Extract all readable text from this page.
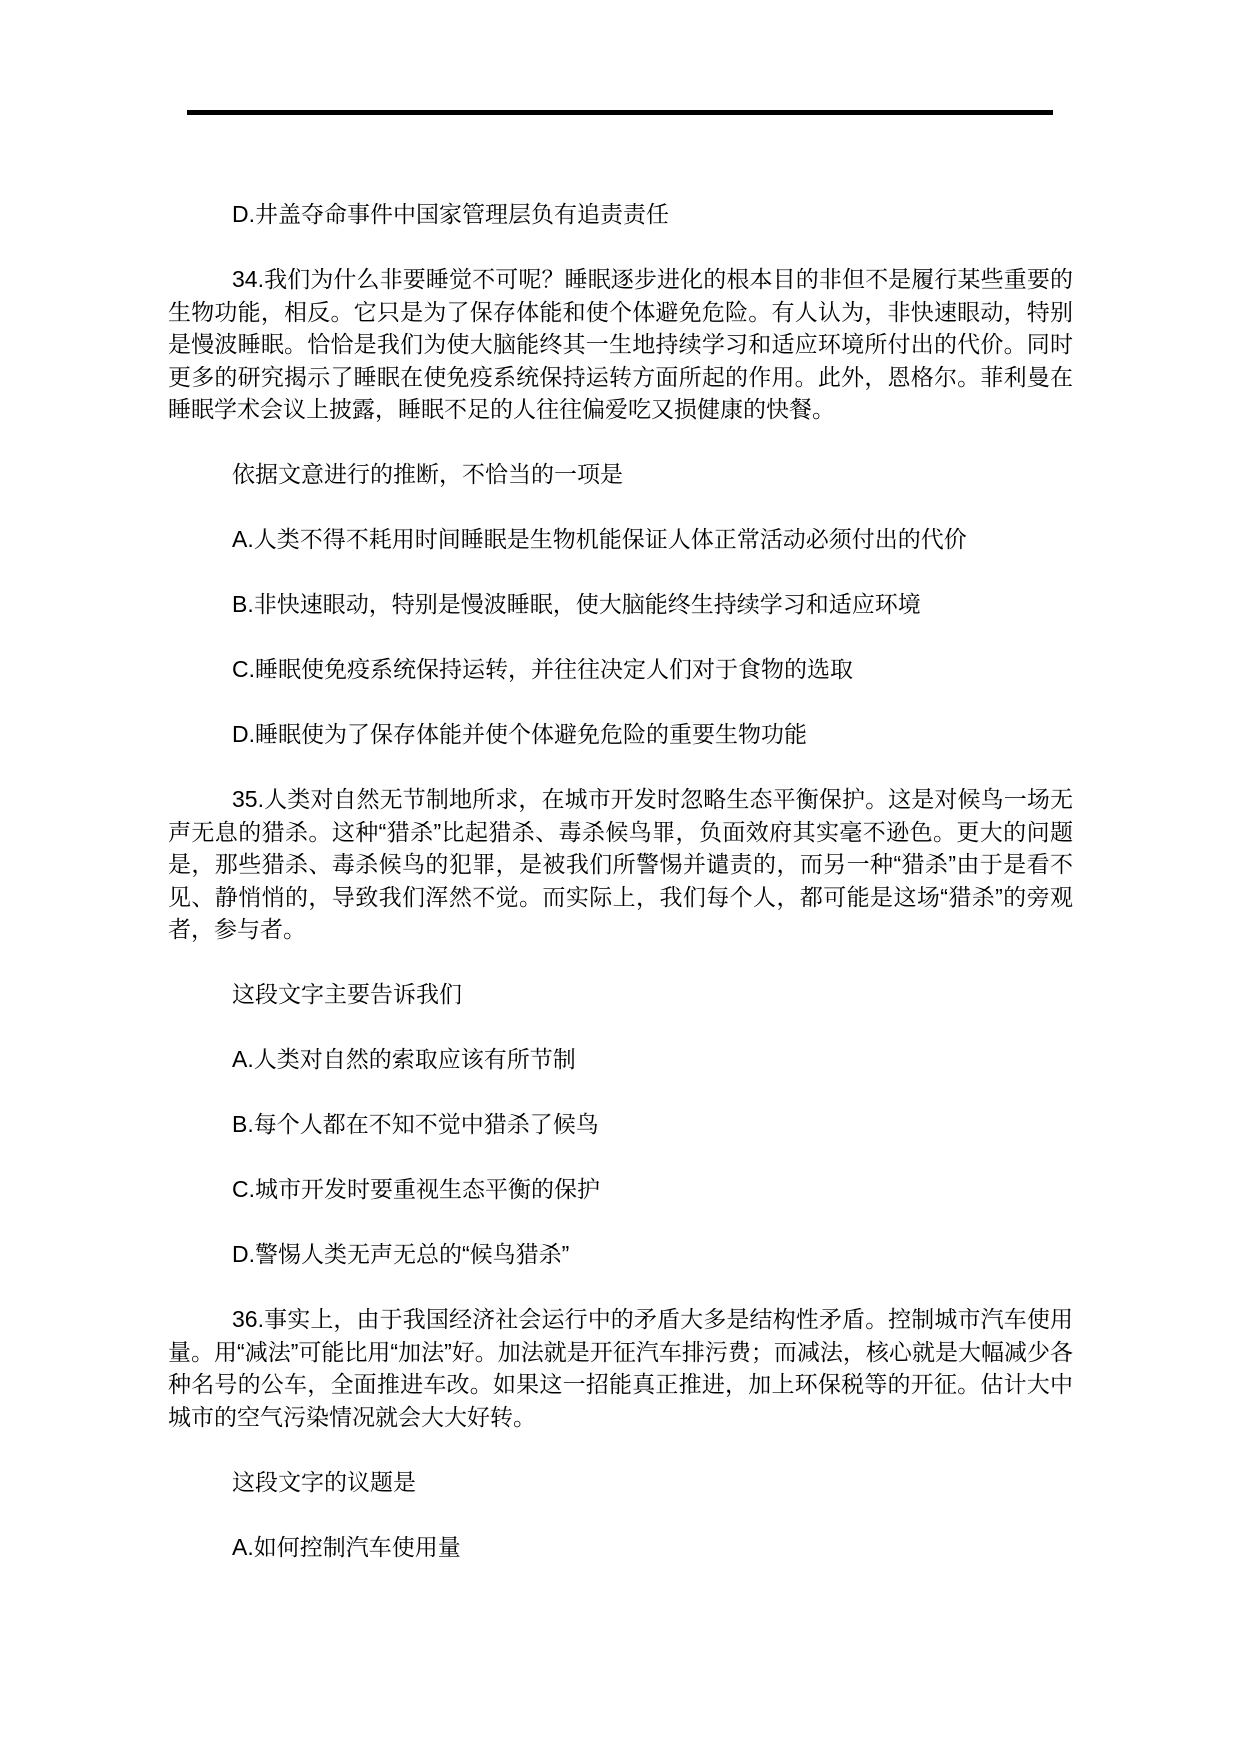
D.井盖夺命事件中国家管理层负有追责责任

34.我们为什么非要睡觉不可呢？睡眠逐步进化的根本目的非但不是履行某些重要的生物功能，相反。它只是为了保存体能和使个体避免危险。有人认为，非快速眼动，特别是慢波睡眠。恰恰是我们为使大脑能终其一生地持续学习和适应环境所付出的代价。同时更多的研究揭示了睡眠在使免疫系统保持运转方面所起的作用。此外，恩格尔。菲利曼在睡眠学术会议上披露，睡眠不足的人往往偏爱吃又损健康的快餐。

依据文意进行的推断，不恰当的一项是

A.人类不得不耗用时间睡眠是生物机能保证人体正常活动必须付出的代价

B.非快速眼动，特别是慢波睡眠，使大脑能终生持续学习和适应环境

C.睡眠使免疫系统保持运转，并往往决定人们对于食物的选取

D.睡眠使为了保存体能并使个体避免危险的重要生物功能

35.人类对自然无节制地所求，在城市开发时忽略生态平衡保护。这是对候鸟一场无声无息的猎杀。这种“猎杀”比起猎杀、毒杀候鸟罪，负面效府其实毫不逊色。更大的问题是，那些猎杀、毒杀候鸟的犯罪，是被我们所警惕并谴责的，而另一种“猎杀”由于是看不见、静悄悄的，导致我们浑然不觉。而实际上，我们每个人，都可能是这场“猎杀”的旁观者，参与者。

这段文字主要告诉我们

A.人类对自然的索取应该有所节制

B.每个人都在不知不觉中猎杀了候鸟

C.城市开发时要重视生态平衡的保护

D.警惕人类无声无总的“候鸟猎杀”

36.事实上，由于我国经济社会运行中的矛盾大多是结构性矛盾。控制城市汽车使用量。用“减法”可能比用“加法”好。加法就是开征汽车排污费；而减法，核心就是大幅减少各种名号的公车，全面推进车改。如果这一招能真正推进，加上环保税等的开征。估计大中城市的空气污染情况就会大大好转。

这段文字的议题是

A.如何控制汽车使用量
